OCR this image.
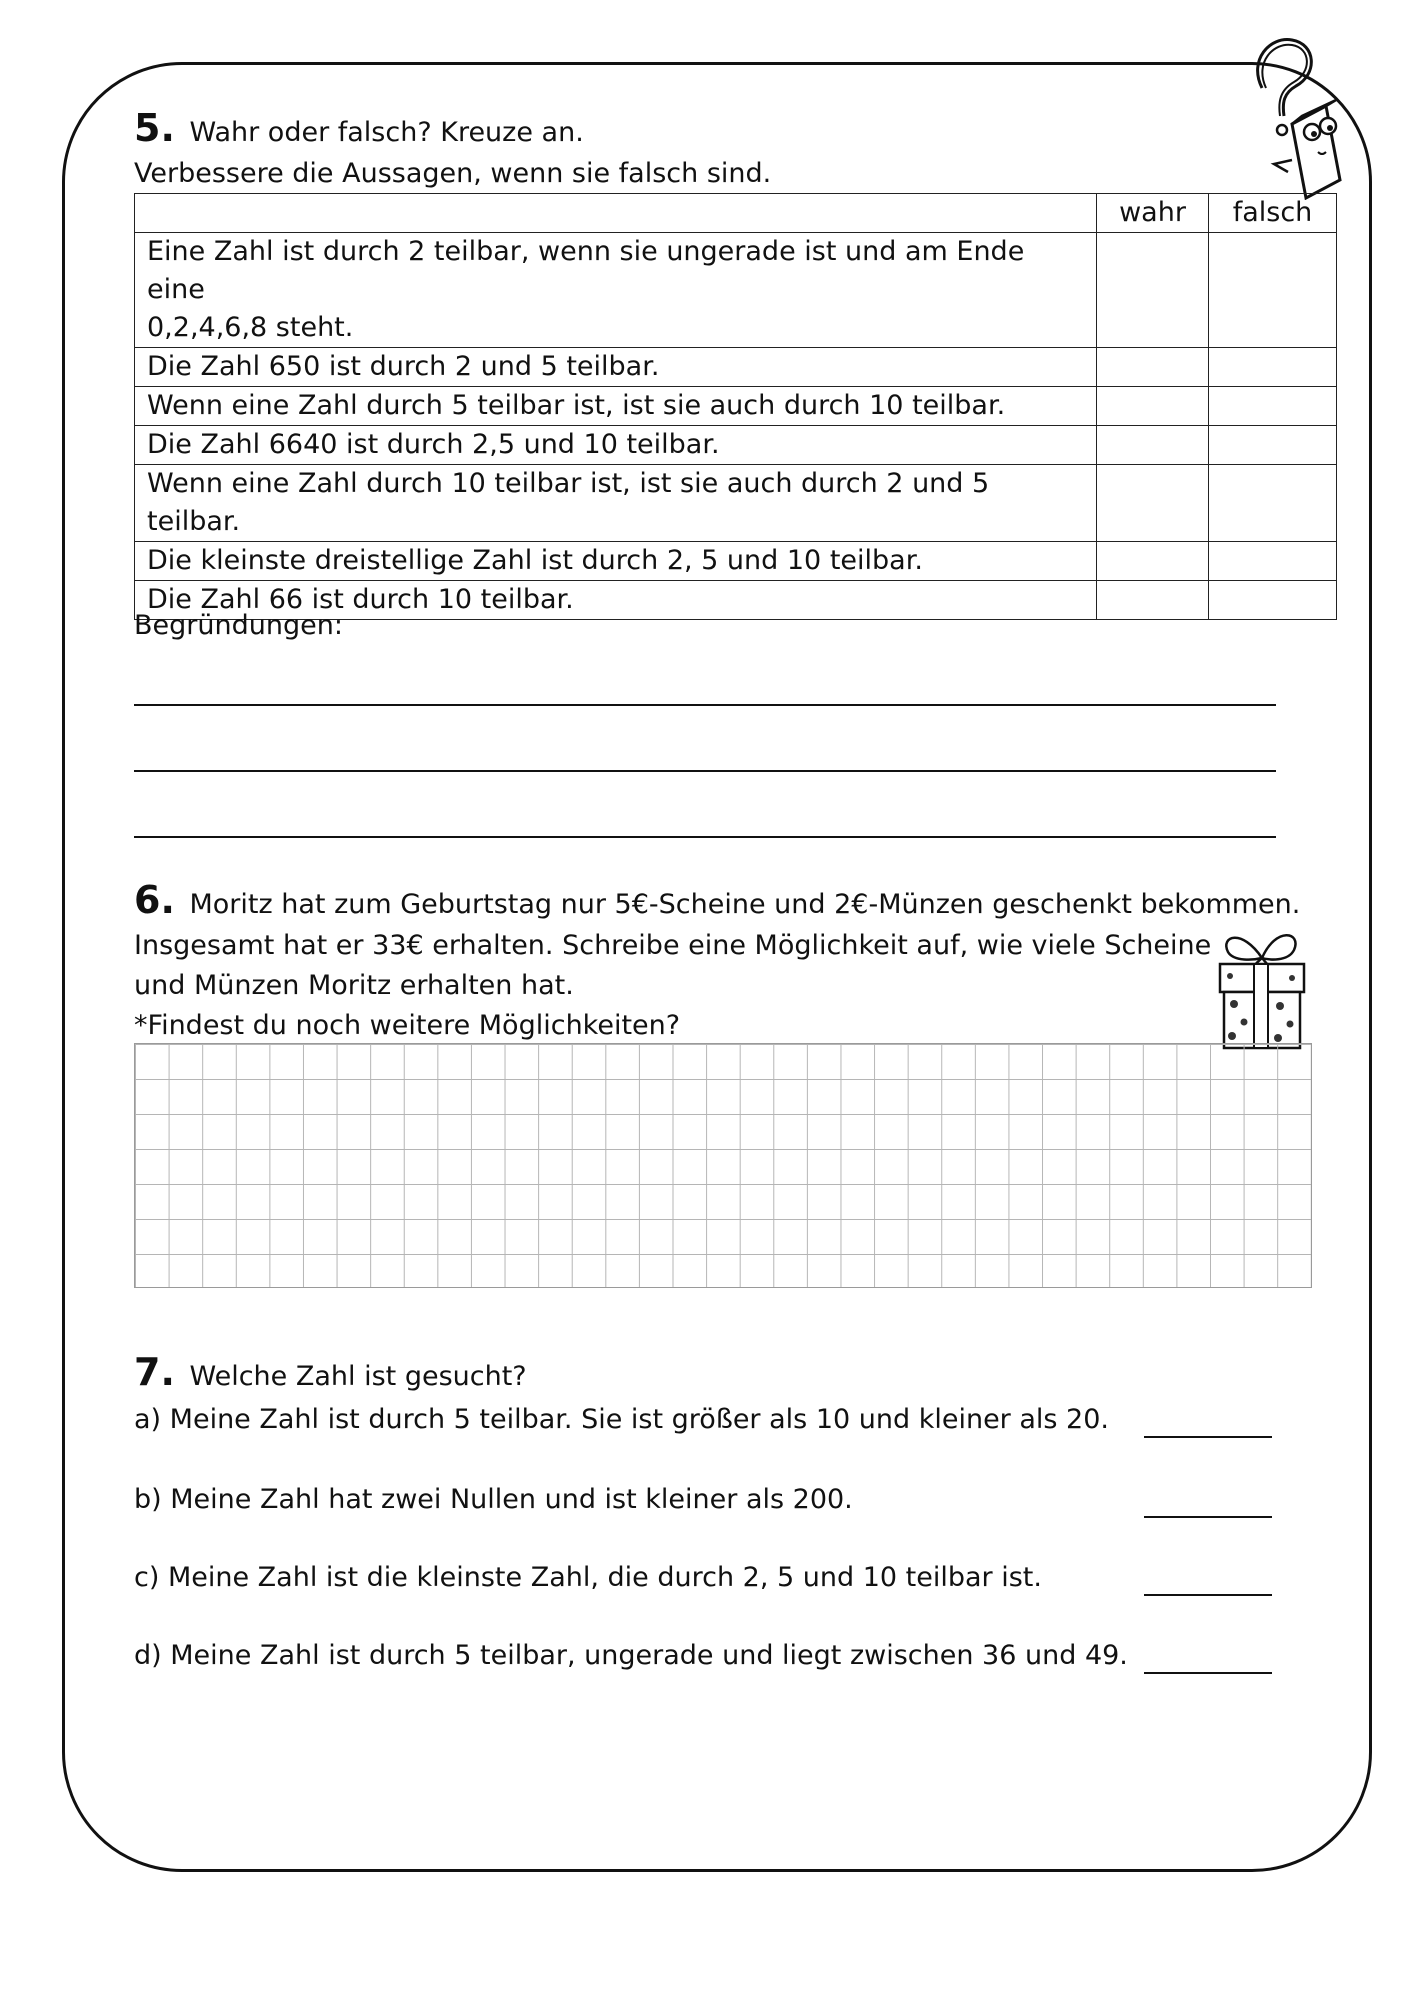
5. Wahr oder falsch? Kreuze an.
Verbessere die Aussagen, wenn sie falsch sind.
	wahr	falsch

Eine Zahl ist durch 2 teilbar, wenn sie ungerade ist und am Ende eine
0,2,4,6,8 steht.		

Die Zahl 650 ist durch 2 und 5 teilbar.		
Wenn eine Zahl durch 5 teilbar ist, ist sie auch durch 10 teilbar.		
Die Zahl 6640 ist durch 2,5 und 10 teilbar.		
Wenn eine Zahl durch 10 teilbar ist, ist sie auch durch 2 und 5 teilbar.		
Die kleinste dreistellige Zahl ist durch 2, 5 und 10 teilbar.		
Die Zahl 66 ist durch 10 teilbar.		
Begründungen:
6. Moritz hat zum Geburtstag nur 5€-Scheine und 2€-Münzen geschenkt bekommen.
Insgesamt hat er 33€ erhalten. Schreibe eine Möglichkeit auf, wie viele Scheine
und Münzen Moritz erhalten hat.
*Findest du noch weitere Möglichkeiten?
7. Welche Zahl ist gesucht?
a) Meine Zahl ist durch 5 teilbar. Sie ist größer als 10 und kleiner als 20.
b) Meine Zahl hat zwei Nullen und ist kleiner als 200.
c) Meine Zahl ist die kleinste Zahl, die durch 2, 5 und 10 teilbar ist.
d) Meine Zahl ist durch 5 teilbar, ungerade und liegt zwischen 36 und 49.
